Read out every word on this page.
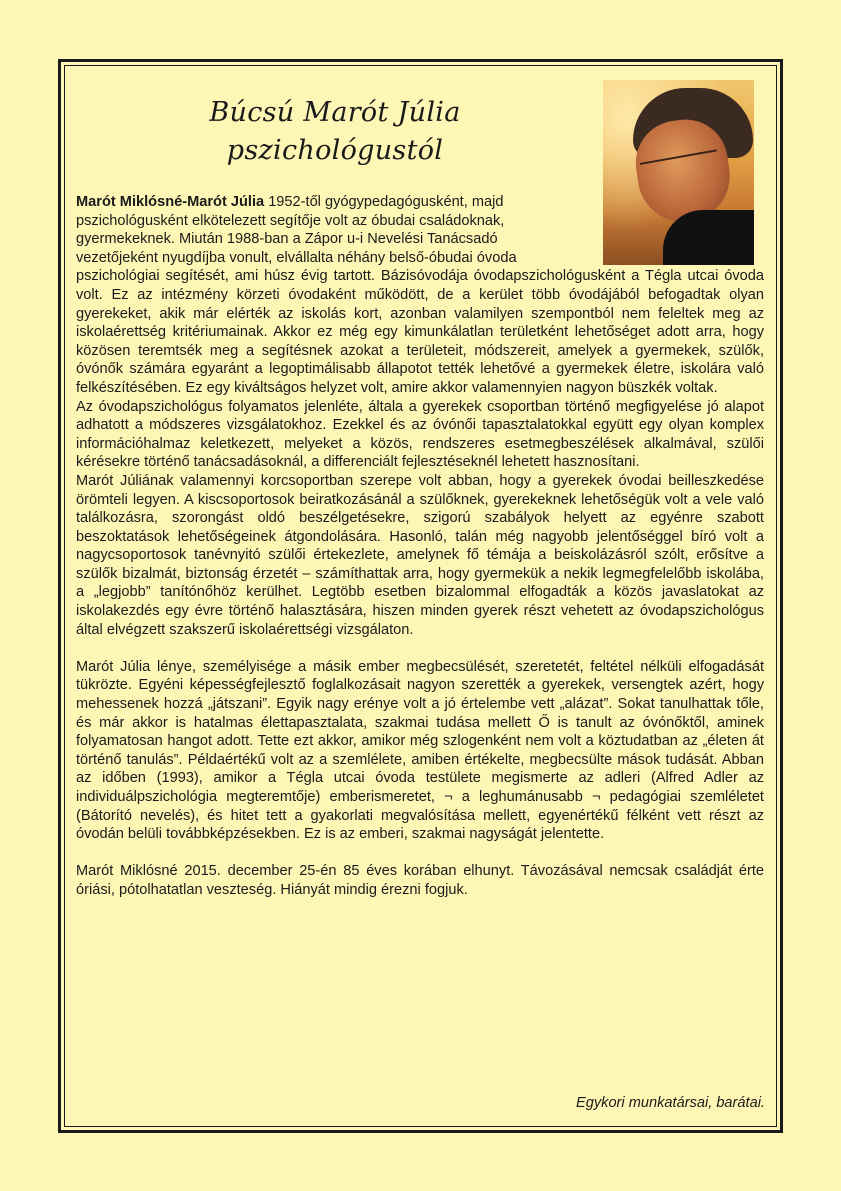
Búcsú Marót Júlia
pszichológustól

Marót Miklósné-Marót Júlia 1952-től gyógypedagógusként, majd

pszichológusként elkötelezett segítője volt az óbudai családoknak,

gyermekeknek. Miután 1988-ban a Zápor u-i Nevelési Tanácsadó

vezetőjeként nyugdíjba vonult, elvállalta néhány belső-óbudai óvoda

pszichológiai segítését, ami húsz évig tartott. Bázisóvodája óvodapszichológusként a Tégla utcai óvoda volt. Ez az intézmény körzeti óvodaként működött, de a kerület több óvodájából befogadtak olyan gyerekeket, akik már elérték az iskolás kort, azonban valamilyen szempontból nem feleltek meg az iskolaérettség kritériumainak. Akkor ez még egy kimunkálatlan területként lehetőséget adott arra, hogy közösen teremtsék meg a segítésnek azokat a területeit, módszereit, amelyek a gyermekek, szülők, óvónők számára egyaránt a legoptimálisabb állapotot tették lehetővé a gyermekek életre, iskolára való felkészítésében. Ez egy kiváltságos helyzet volt, amire akkor valamennyien nagyon büszkék voltak.

Az óvodapszichológus folyamatos jelenléte, általa a gyerekek csoportban történő megfigyelése jó alapot adhatott a módszeres vizsgálatokhoz. Ezekkel és az óvónői tapasztalatokkal együtt egy olyan komplex információhalmaz keletkezett, melyeket a közös, rendszeres esetmegbeszélések alkalmával, szülői kérésekre történő tanácsadásoknál, a differenciált fejlesztéseknél lehetett hasznosítani.

Marót Júliának valamennyi korcsoportban szerepe volt abban, hogy a gyerekek óvodai beilleszkedése örömteli legyen. A kiscsoportosok beiratkozásánál a szülőknek, gyerekeknek lehetőségük volt a vele való találkozásra, szorongást oldó beszélgetésekre, szigorú szabályok helyett az egyénre szabott beszoktatások lehetőségeinek átgondolására. Hasonló, talán még nagyobb jelentőséggel bíró volt a nagycsoportosok tanévnyitó szülői értekezlete, amelynek fő témája a beiskolázásról szólt, erősítve a szülők bizalmát, biztonság érzetét – számíthattak arra, hogy gyermekük a nekik legmegfelelőbb iskolába, a „legjobb” tanítónőhöz kerülhet. Legtöbb esetben bizalommal elfogadták a közös javaslatokat az iskolakezdés egy évre történő halasztására, hiszen minden gyerek részt vehetett az óvodapszichológus által elvégzett szakszerű iskolaérettségi vizsgálaton.

Marót Júlia lénye, személyisége a másik ember megbecsülését, szeretetét, feltétel nélküli elfogadását tükrözte. Egyéni képességfejlesztő foglalkozásait nagyon szerették a gyerekek, versengtek azért, hogy mehessenek hozzá „játszani”. Egyik nagy erénye volt a jó értelembe vett „alázat”. Sokat tanulhattak tőle, és már akkor is hatalmas élettapasztalata, szakmai tudása mellett Ő is tanult az óvónőktől, aminek folyamatosan hangot adott. Tette ezt akkor, amikor még szlogenként nem volt a köztudatban az „életen át történő tanulás”. Példaértékű volt az a szemlélete, amiben értékelte, megbecsülte mások tudását. Abban az időben (1993), amikor a Tégla utcai óvoda testülete megismerte az adleri (Alfred Adler az individuálpszichológia megteremtője) emberismeretet, ¬ a leghumánusabb ¬ pedagógiai szemléletet (Bátorító nevelés), és hitet tett a gyakorlati megvalósítása mellett, egyenértékű félként vett részt az óvodán belüli továbbképzésekben. Ez is az emberi, szakmai nagyságát jelentette.

Marót Miklósné 2015. december 25-én 85 éves korában elhunyt. Távozásával nemcsak családját érte óriási, pótolhatatlan veszteség. Hiányát mindig érezni fogjuk.

Egykori munkatársai, barátai.
